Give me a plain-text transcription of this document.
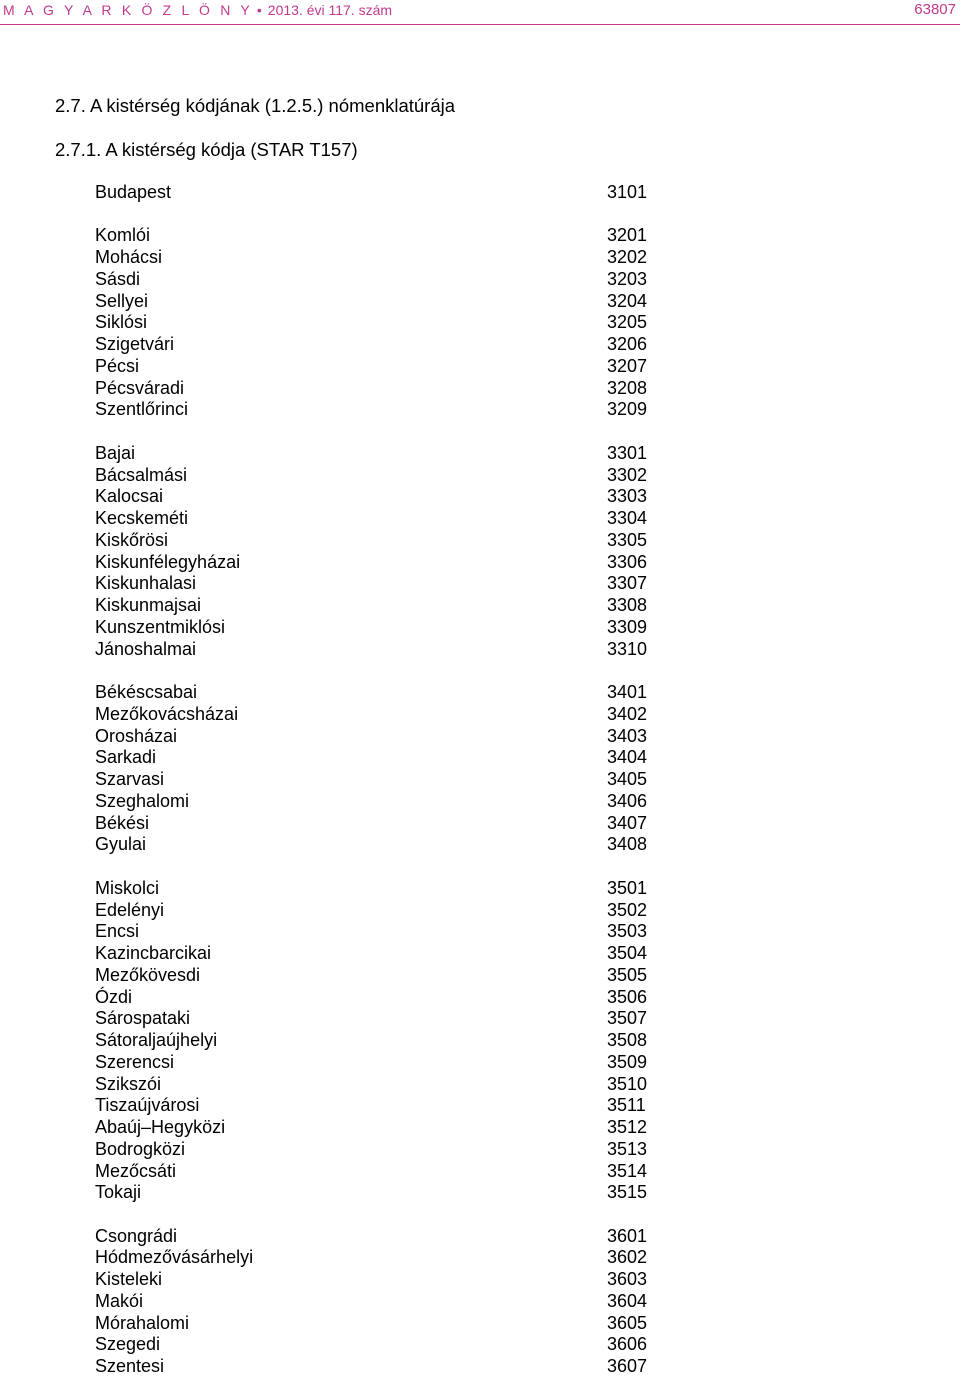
M A G Y A R K Ö Z L Ö N Y • 2013. évi 117. szám	63807
2.7. A kistérség kódjának (1.2.5.) nómenklatúrája
2.7.1. A kistérség kódja (STAR T157)
Budapest	3101
Komlói	3201
Mohácsi	3202
Sásdi	3203
Sellyei	3204
Siklósi	3205
Szigetvári	3206
Pécsi	3207
Pécsváradi	3208
Szentlőrinci	3209
Bajai	3301
Bácsalmási	3302
Kalocsai	3303
Kecskeméti	3304
Kiskőrösi	3305
Kiskunfélegyházai	3306
Kiskunhalasi	3307
Kiskunmajsai	3308
Kunszentmiklósi	3309
Jánoshalmai	3310
Békéscsabai	3401
Mezőkovácsházai	3402
Orosházai	3403
Sarkadi	3404
Szarvasi	3405
Szeghalomi	3406
Békési	3407
Gyulai	3408
Miskolci	3501
Edelényi	3502
Encsi	3503
Kazincbarcikai	3504
Mezőkövesdi	3505
Ózdi	3506
Sárospataki	3507
Sátoraljaújhelyi	3508
Szerencsi	3509
Szikszói	3510
Tiszaújvárosi	3511
Abaúj–Hegyközi	3512
Bodrogközi	3513
Mezőcsáti	3514
Tokaji	3515
Csongrádi	3601
Hódmezővásárhelyi	3602
Kisteleki	3603
Makói	3604
Mórahalomi	3605
Szegedi	3606
Szentesi	3607
